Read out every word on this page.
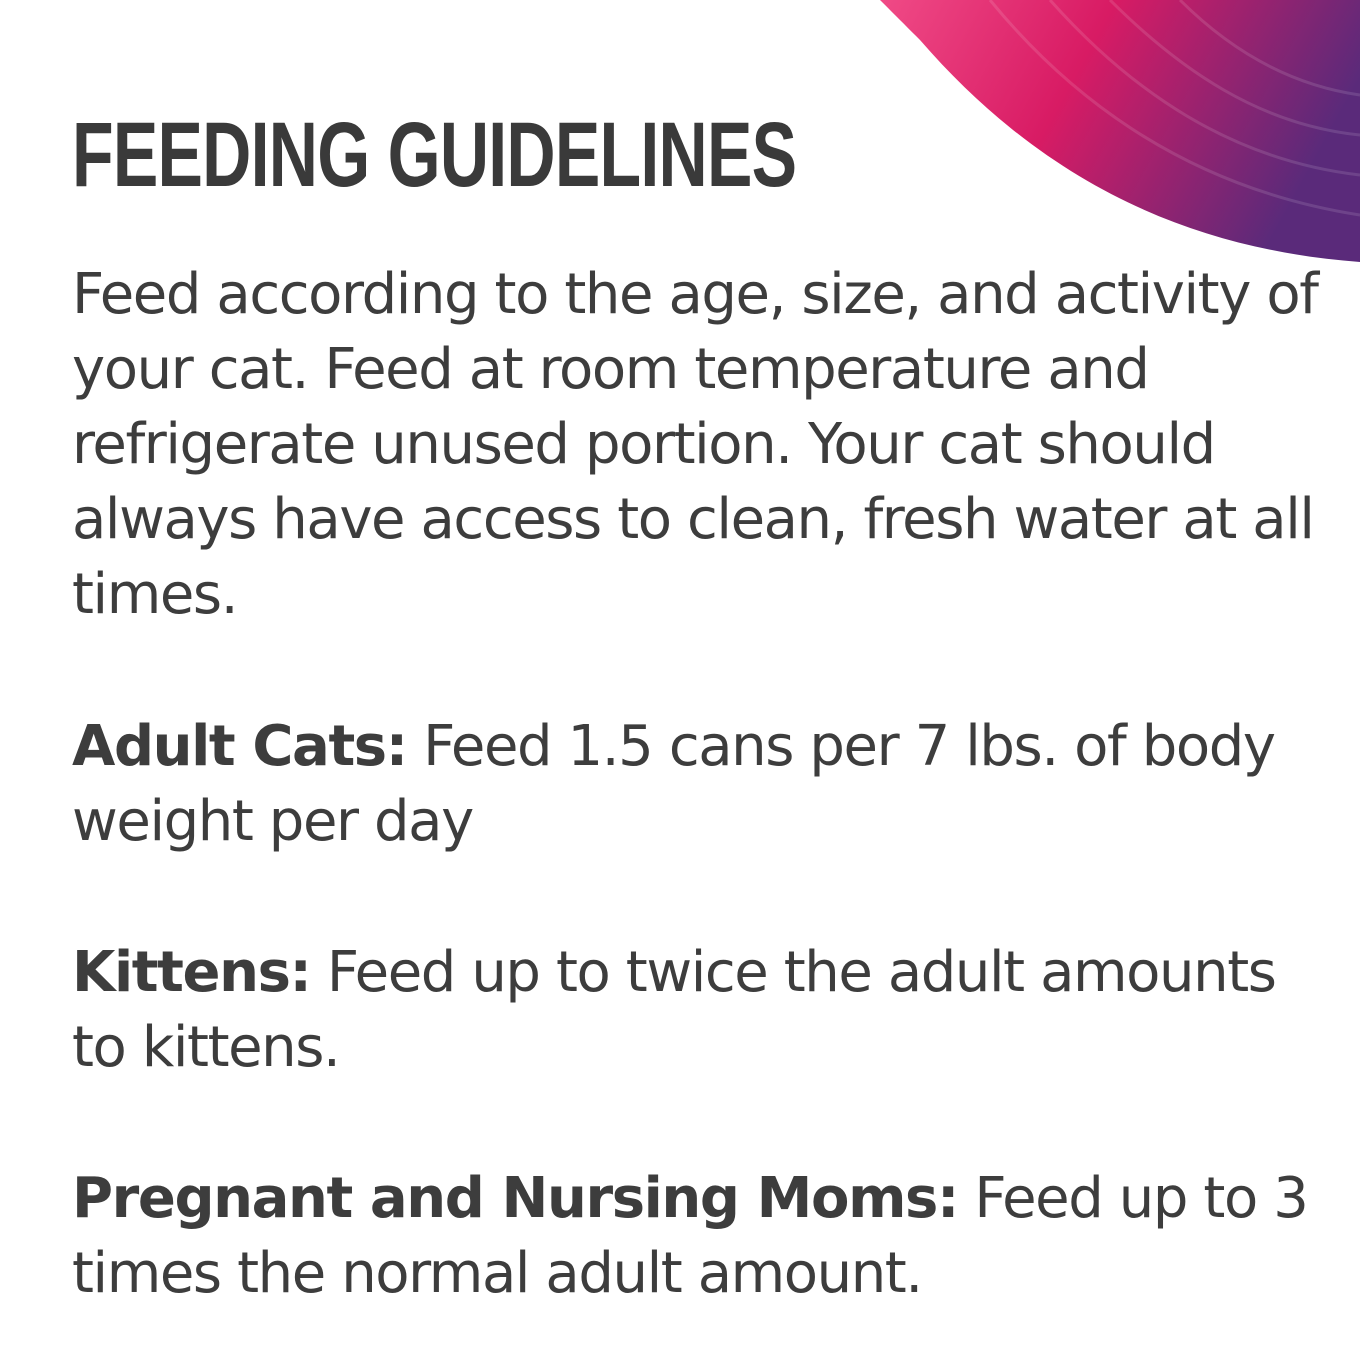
FEEDING GUIDELINES

Feed according to the age, size, and activity of your cat. Feed at room temperature and refrigerate unused portion. Your cat should always have access to clean, fresh water at all times.

Adult Cats: Feed 1.5 cans per 7 lbs. of body weight per day

Kittens: Feed up to twice the adult amounts to kittens.

Pregnant and Nursing Moms: Feed up to 3 times the normal adult amount.
